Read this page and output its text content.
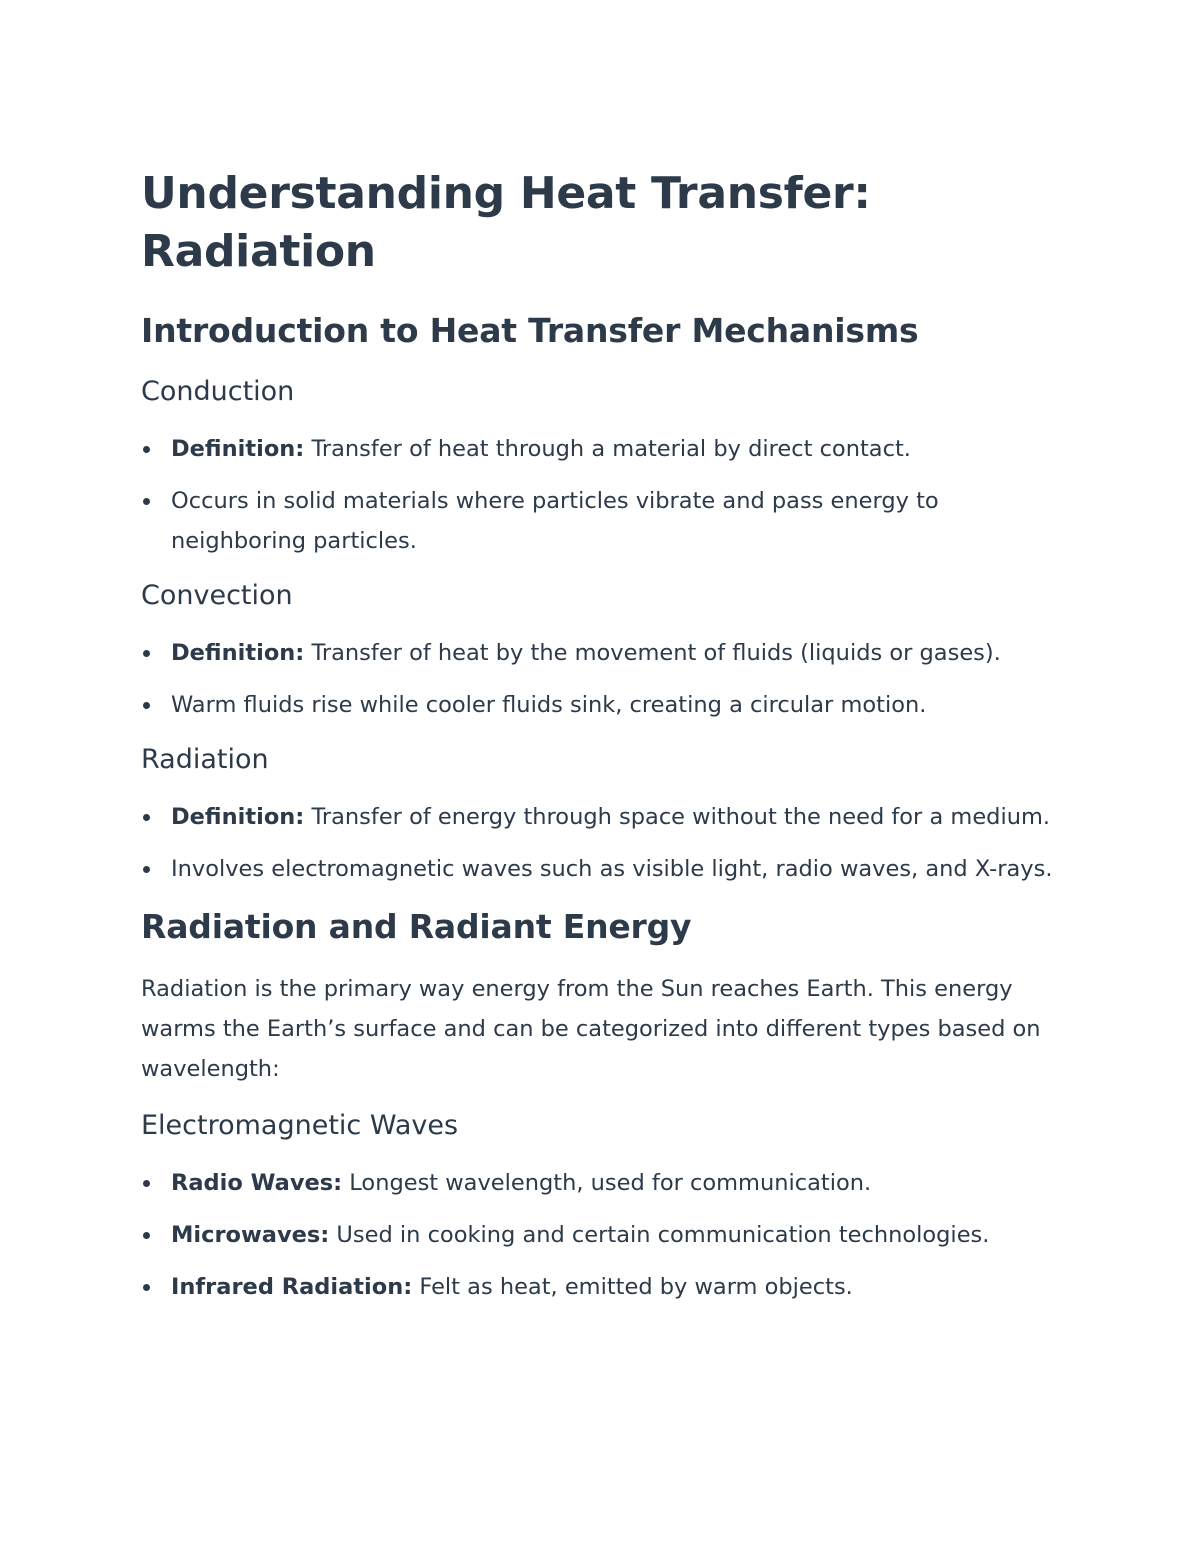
Understanding Heat Transfer: Radiation
Introduction to Heat Transfer Mechanisms
Conduction
Definition: Transfer of heat through a material by direct contact.
Occurs in solid materials where particles vibrate and pass energy to neighboring particles.
Convection
Definition: Transfer of heat by the movement of fluids (liquids or gases).
Warm fluids rise while cooler fluids sink, creating a circular motion.
Radiation
Definition: Transfer of energy through space without the need for a medium.
Involves electromagnetic waves such as visible light, radio waves, and X-rays.
Radiation and Radiant Energy

Radiation is the primary way energy from the Sun reaches Earth. This energy warms the Earth’s surface and can be categorized into different types based on wavelength:

Electromagnetic Waves
Radio Waves: Longest wavelength, used for communication.
Microwaves: Used in cooking and certain communication technologies.
Infrared Radiation: Felt as heat, emitted by warm objects.
